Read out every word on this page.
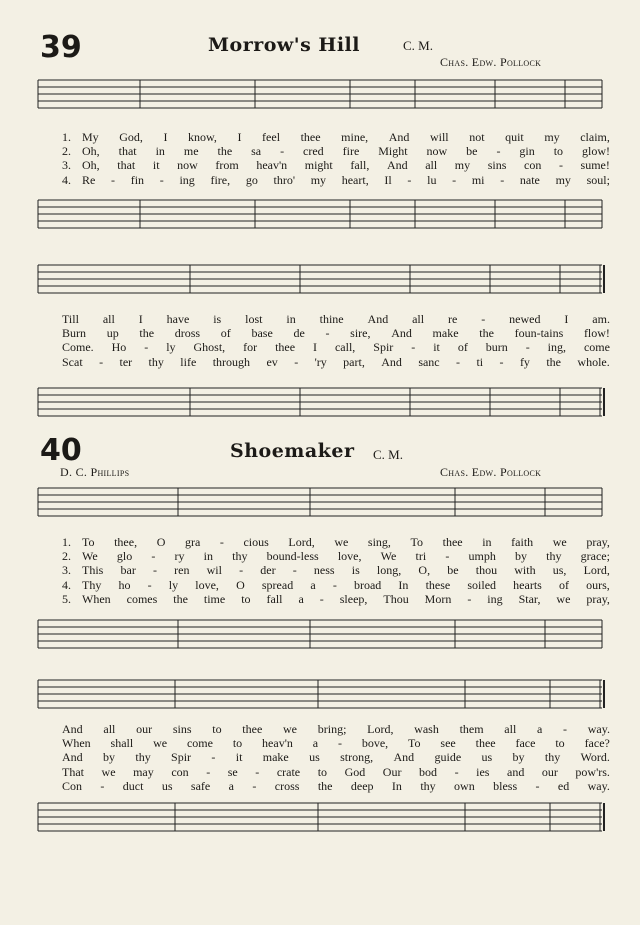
39	Morrow's Hill	C. M.
Chas. Edw. Pollock
1. My God, I know, I feel thee mine, And will not quit my claim,
2. Oh, that in me the sa - cred fire Might now be - gin to glow!
3. Oh, that it now from heav'n might fall, And all my sins con - sume!
4. Re - fin - ing fire, go thro' my heart, Il - lu - mi - nate my soul;
Till all I have is lost in thine And all re - newed I am.
Burn up the dross of base de - sire, And make the foun-tains flow!
Come. Ho - ly Ghost, for thee I call, Spir - it of burn - ing, come
Scat - ter thy life through ev - 'ry part, And sanc - ti - fy the whole.
40	Shoemaker C. M.
D. C. Phillips	Chas. Edw. Pollock
1. To thee, O gra - cious Lord, we sing, To thee in faith we pray,
2. We glo - ry in thy bound-less love, We tri - umph by thy grace;
3. This bar - ren wil - der - ness is long, O, be thou with us, Lord,
4. Thy ho - ly love, O spread a - broad In these soiled hearts of ours,
5. When comes the time to fall a - sleep, Thou Morn - ing Star, we pray,
And all our sins to thee we bring; Lord, wash them all a - way.
When shall we come to heav'n a - bove, To see thee face to face?
And by thy Spir - it make us strong, And guide us by thy Word.
That we may con - se - crate to God Our bod - ies and our pow'rs.
Con - duct us safe a - cross the deep In thy own bless - ed way.
